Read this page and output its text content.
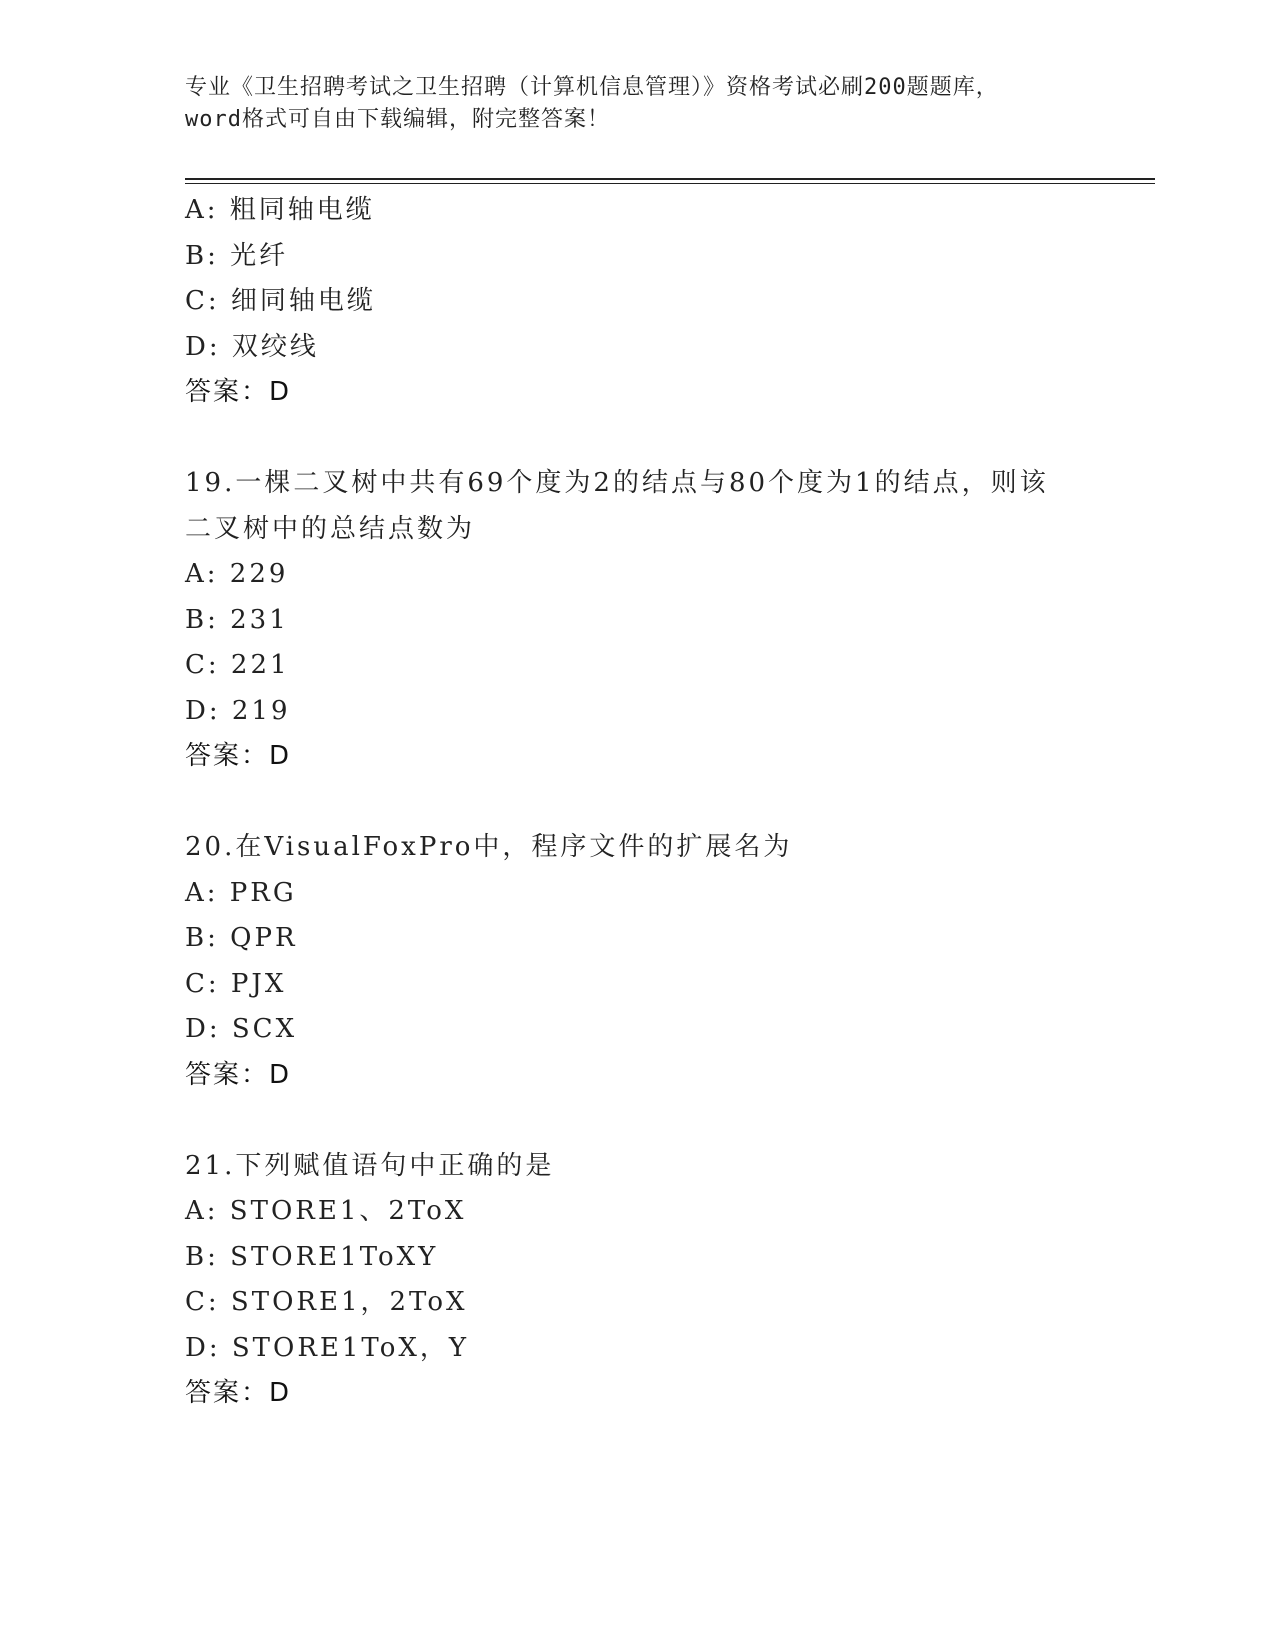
专业《卫生招聘考试之卫生招聘（计算机信息管理）》资格考试必刷200题题库，
word格式可自由下载编辑，附完整答案！
A: 粗同轴电缆
B: 光纤
C: 细同轴电缆
D: 双绞线
答案：D
19.一棵二叉树中共有69个度为2的结点与80个度为1的结点，则该
二叉树中的总结点数为
A: 229
B: 231
C: 221
D: 219
答案：D
20.在VisualFoxPro中，程序文件的扩展名为
A: PRG
B: QPR
C: PJX
D: SCX
答案：D
21.下列赋值语句中正确的是
A: STORE1、2ToX
B: STORE1ToXY
C: STORE1，2ToX
D: STORE1ToX，Y
答案：D
